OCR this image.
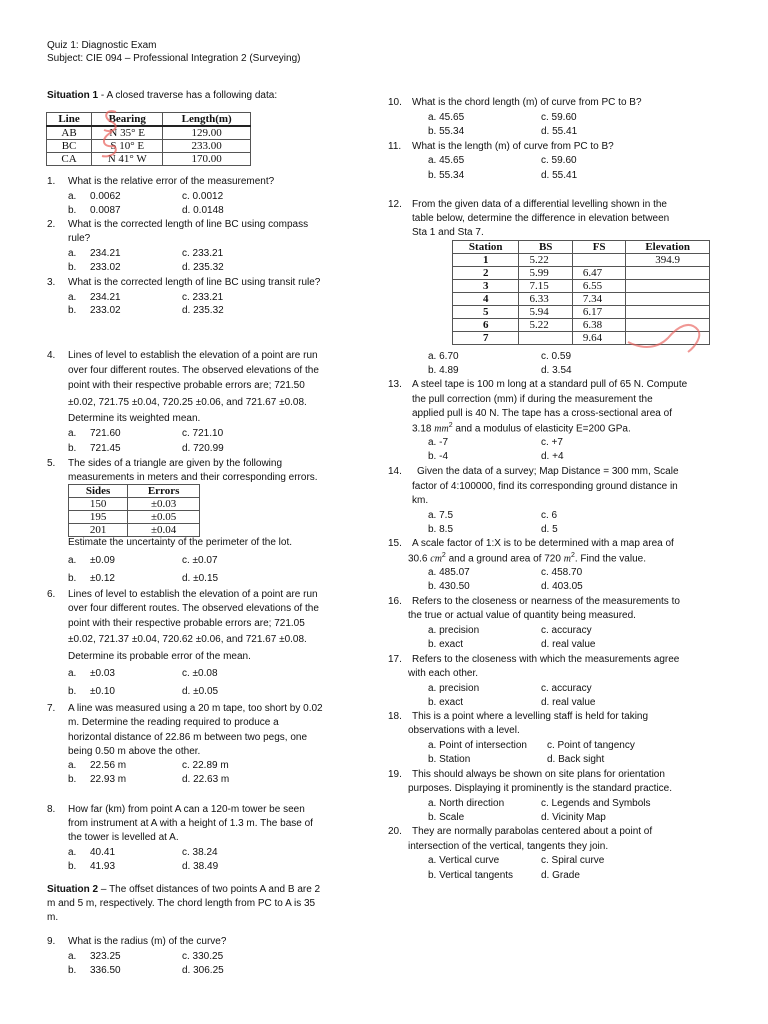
Quiz 1: Diagnostic Exam
Subject: CIE 094 – Professional Integration 2 (Surveying)
Situation 1 - A closed traverse has a following data:
Line	Bearing	Length(m)
AB	N 35° E	129.00
BC	S 10° E	233.00
CA	N 41° W	170.00
1. What is the relative error of the measurement?
a. 0.0062	c. 0.0012
b. 0.0087	d. 0.0148
2. What is the corrected length of line BC using compass
rule?
a. 234.21	c. 233.21
b. 233.02	d. 235.32
3. What is the corrected length of line BC using transit rule?
a. 234.21	c. 233.21
b. 233.02	d. 235.32
4. Lines of level to establish the elevation of a point are run
over four different routes. The observed elevations of the
point with their respective probable errors are; 721.50
±0.02, 721.75 ±0.04, 720.25 ±0.06, and 721.67 ±0.08.
Determine its weighted mean.
a. 721.60	c. 721.10
b. 721.45	d. 720.99
5. The sides of a triangle are given by the following
measurements in meters and their corresponding errors.
Sides	Errors
150	±0.03
195	±0.05
201	±0.04
Estimate the uncertainty of the perimeter of the lot.
a. ±0.09	c. ±0.07
b. ±0.12	d. ±0.15
6. Lines of level to establish the elevation of a point are run
over four different routes. The observed elevations of the
point with their respective probable errors are; 721.05
±0.02, 721.37 ±0.04, 720.62 ±0.06, and 721.67 ±0.08.
Determine its probable error of the mean.
a. ±0.03	c. ±0.08
b. ±0.10	d. ±0.05
7. A line was measured using a 20 m tape, too short by 0.02
m. Determine the reading required to produce a
horizontal distance of 22.86 m between two pegs, one
being 0.50 m above the other.
a. 22.56 m	c. 22.89 m
b. 22.93 m	d. 22.63 m
8. How far (km) from point A can a 120-m tower be seen
from instrument at A with a height of 1.3 m. The base of
the tower is levelled at A.
a. 40.41	c. 38.24
b. 41.93	d. 38.49
Situation 2 – The offset distances of two points A and B are 2
m and 5 m, respectively. The chord length from PC to A is 35
m.
9. What is the radius (m) of the curve?
a. 323.25	c. 330.25
b. 336.50	d. 306.25
10. What is the chord length (m) of curve from PC to B?
a. 45.65	c. 59.60
b. 55.34	d. 55.41
11. What is the length (m) of curve from PC to B?
a. 45.65	c. 59.60
b. 55.34	d. 55.41
12. From the given data of a differential levelling shown in the
table below, determine the difference in elevation between
Sta 1 and Sta 7.
Station	BS	FS	Elevation
1	5.22		394.9
2	5.99	6.47	
3	7.15	6.55	
4	6.33	7.34	
5	5.94	6.17	
6	5.22	6.38	
7		9.64	
a. 6.70	c. 0.59
b. 4.89	d. 3.54
13. A steel tape is 100 m long at a standard pull of 65 N. Compute
the pull correction (mm) if during the measurement the
applied pull is 40 N. The tape has a cross-sectional area of
3.18 $mm^2$ and a modulus of elasticity E=200 GPa.
a. -7	c. +7
b. -4	d. +4
14. Given the data of a survey; Map Distance = 300 mm, Scale
factor of 4:100000, find its corresponding ground distance in
km.
a. 7.5	c. 6
b. 8.5	d. 5
15. A scale factor of 1:X is to be determined with a map area of
30.6 $cm^2$ and a ground area of 720 $m^2$. Find the value.
a. 485.07	c. 458.70
b. 430.50	d. 403.05
16. Refers to the closeness or nearness of the measurements to
the true or actual value of quantity being measured.
a. precision	c. accuracy
b. exact	d. real value
17. Refers to the closeness with which the measurements agree
with each other.
a. precision	c. accuracy
b. exact	d. real value
18. This is a point where a levelling staff is held for taking
observations with a level.
a. Point of intersection c. Point of tangency
b. Station	d. Back sight
19. This should always be shown on site plans for orientation
purposes. Displaying it prominently is the standard practice.
a. North direction	c. Legends and Symbols
b. Scale	d. Vicinity Map
20. They are normally parabolas centered about a point of
intersection of the vertical, tangents they join.
a. Vertical curve	c. Spiral curve
b. Vertical tangents	d. Grade
